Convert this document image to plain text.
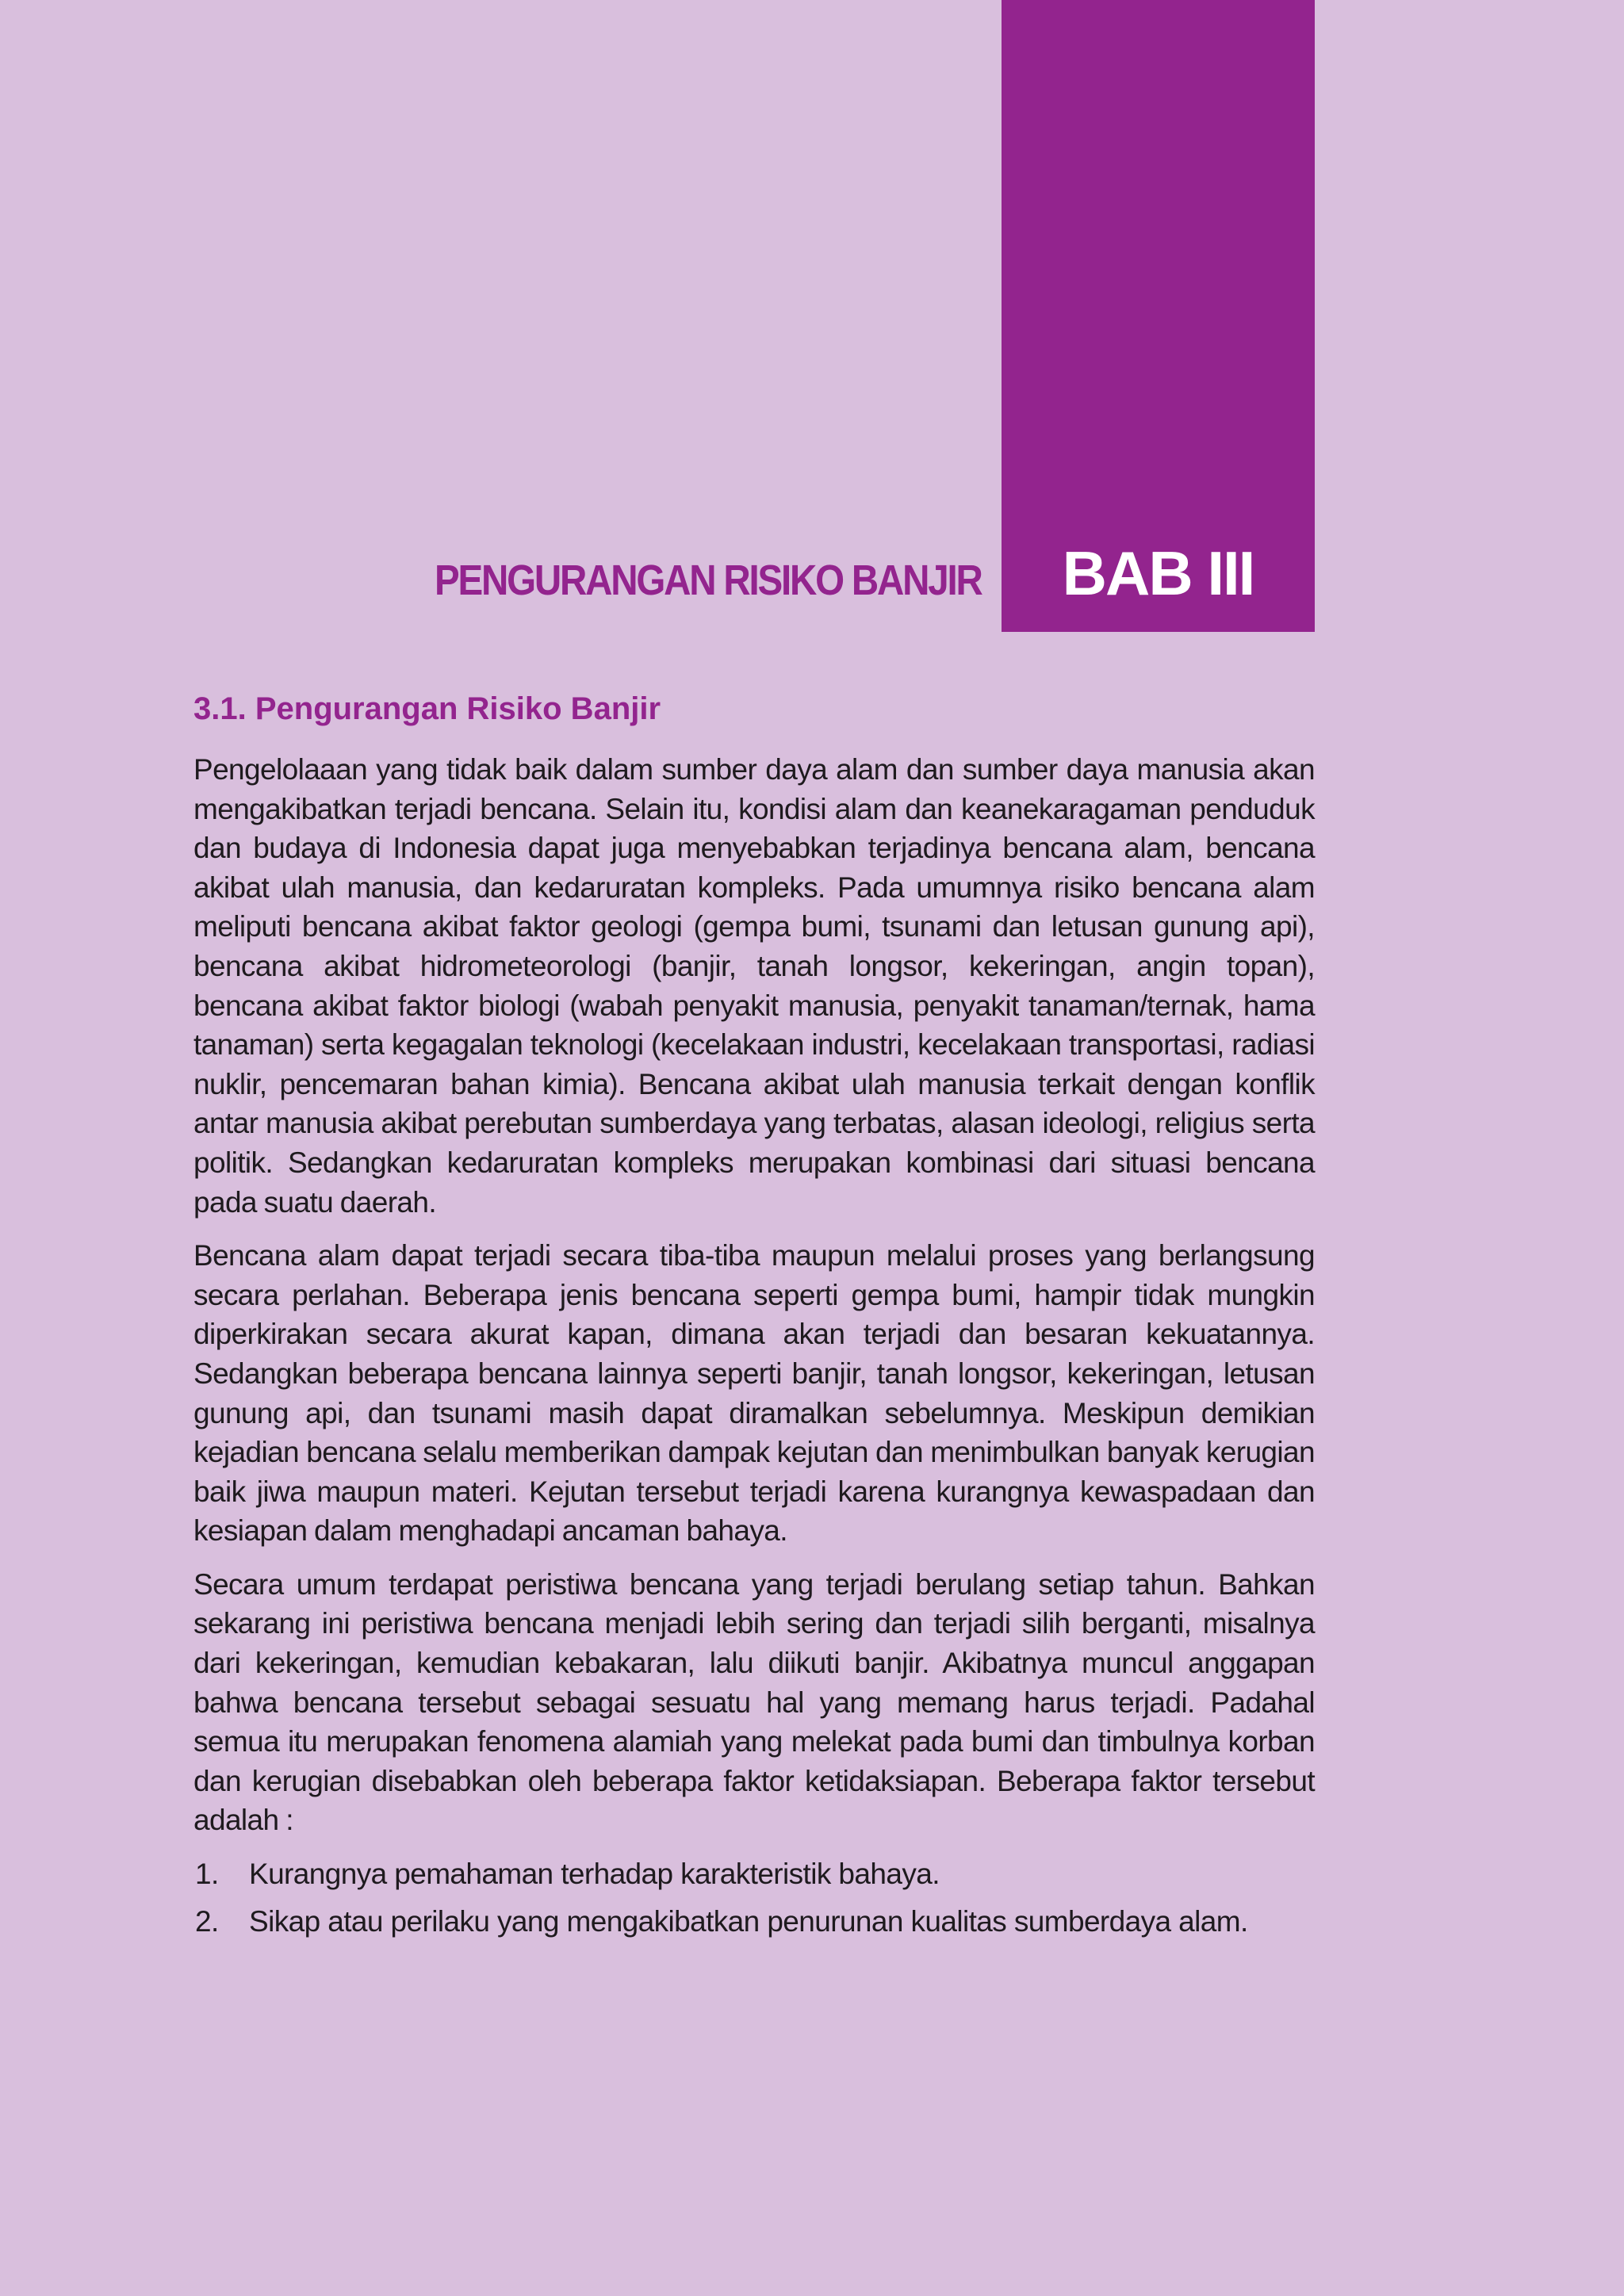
BAB III
PENGURANGAN RISIKO BANJIR
3.1. Pengurangan Risiko Banjir

Pengelolaaan yang tidak baik dalam sumber daya alam dan sumber daya manusia akan mengakibatkan terjadi bencana. Selain itu, kondisi alam dan keanekaragaman penduduk dan budaya di Indonesia dapat juga menyebabkan terjadinya bencana alam, bencana akibat ulah manusia, dan kedaruratan kompleks. Pada umumnya risiko bencana alam meliputi bencana akibat faktor geologi (gempa bumi, tsunami dan letusan gunung api), bencana akibat hidrometeorologi (banjir, tanah longsor, kekeringan, angin topan), bencana akibat faktor biologi (wabah penyakit manusia, penyakit tanaman/ternak, hama tanaman) serta kegagalan teknologi (kecelakaan industri, kecelakaan transportasi, radiasi nuklir, pencemaran bahan kimia). Bencana akibat ulah manusia terkait dengan konflik antar manusia akibat perebutan sumberdaya yang terbatas, alasan ideologi, religius serta politik. Sedangkan kedaruratan kompleks merupakan kombinasi dari situasi bencana pada suatu daerah.

Bencana alam dapat terjadi secara tiba-tiba maupun melalui proses yang berlangsung secara perlahan. Beberapa jenis bencana seperti gempa bumi, hampir tidak mungkin diperkirakan secara akurat kapan, dimana akan terjadi dan besaran kekuatannya. Sedangkan beberapa bencana lainnya seperti banjir, tanah longsor, kekeringan, letusan gunung api, dan tsunami masih dapat diramalkan sebelumnya. Meskipun demikian kejadian bencana selalu memberikan dampak kejutan dan menimbulkan banyak kerugian baik jiwa maupun materi. Kejutan tersebut terjadi karena kurangnya kewaspadaan dan kesiapan dalam menghadapi ancaman bahaya.

Secara umum terdapat peristiwa bencana yang terjadi berulang setiap tahun. Bahkan sekarang ini peristiwa bencana menjadi lebih sering dan terjadi silih berganti, misalnya dari kekeringan, kemudian kebakaran, lalu diikuti banjir. Akibatnya muncul anggapan bahwa bencana tersebut sebagai sesuatu hal yang memang harus terjadi. Padahal semua itu merupakan fenomena alamiah yang melekat pada bumi dan timbulnya korban dan kerugian disebabkan oleh beberapa faktor ketidaksiapan. Beberapa faktor tersebut adalah :

1.	Kurangnya pemahaman terhadap karakteristik bahaya.
2.	Sikap atau perilaku yang mengakibatkan penurunan kualitas sumberdaya alam.
